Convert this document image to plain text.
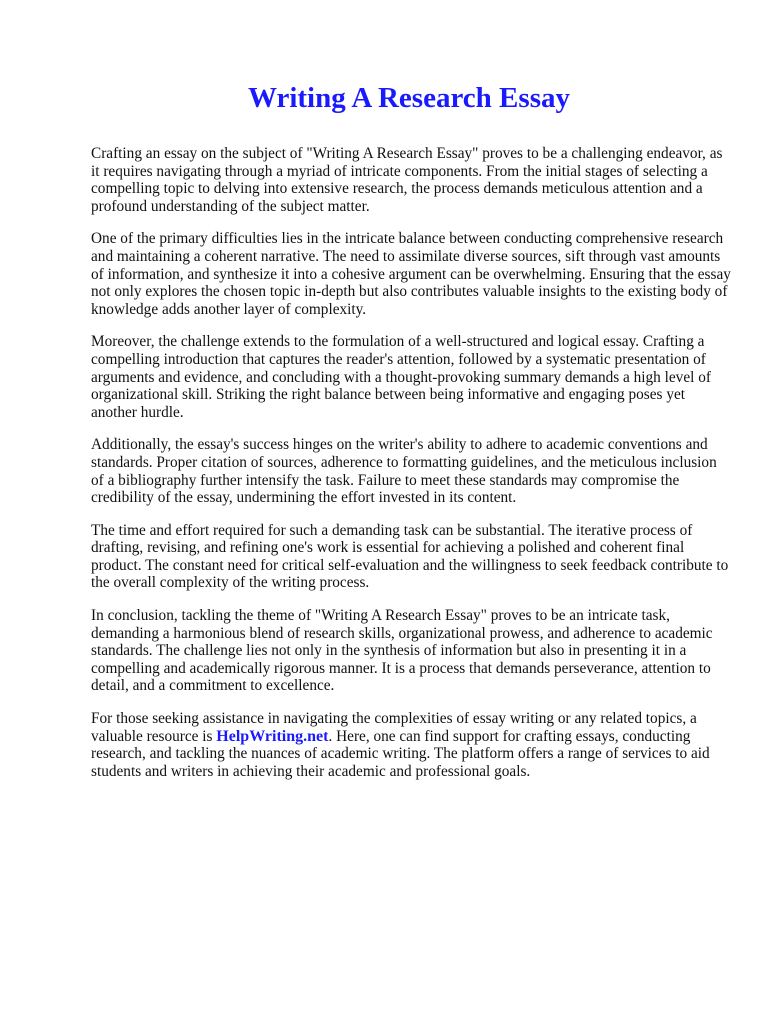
Writing A Research Essay

Crafting an essay on the subject of "Writing A Research Essay" proves to be a challenging endeavor, as it requires navigating through a myriad of intricate components. From the initial stages of selecting a compelling topic to delving into extensive research, the process demands meticulous attention and a profound understanding of the subject matter.

One of the primary difficulties lies in the intricate balance between conducting comprehensive research and maintaining a coherent narrative. The need to assimilate diverse sources, sift through vast amounts of information, and synthesize it into a cohesive argument can be overwhelming. Ensuring that the essay not only explores the chosen topic in-depth but also contributes valuable insights to the existing body of knowledge adds another layer of complexity.

Moreover, the challenge extends to the formulation of a well-structured and logical essay. Crafting a compelling introduction that captures the reader's attention, followed by a systematic presentation of arguments and evidence, and concluding with a thought-provoking summary demands a high level of organizational skill. Striking the right balance between being informative and engaging poses yet another hurdle.

Additionally, the essay's success hinges on the writer's ability to adhere to academic conventions and standards. Proper citation of sources, adherence to formatting guidelines, and the meticulous inclusion of a bibliography further intensify the task. Failure to meet these standards may compromise the credibility of the essay, undermining the effort invested in its content.

The time and effort required for such a demanding task can be substantial. The iterative process of drafting, revising, and refining one's work is essential for achieving a polished and coherent final product. The constant need for critical self-evaluation and the willingness to seek feedback contribute to the overall complexity of the writing process.

In conclusion, tackling the theme of "Writing A Research Essay" proves to be an intricate task, demanding a harmonious blend of research skills, organizational prowess, and adherence to academic standards. The challenge lies not only in the synthesis of information but also in presenting it in a compelling and academically rigorous manner. It is a process that demands perseverance, attention to detail, and a commitment to excellence.

For those seeking assistance in navigating the complexities of essay writing or any related topics, a valuable resource is HelpWriting.net. Here, one can find support for crafting essays, conducting research, and tackling the nuances of academic writing. The platform offers a range of services to aid students and writers in achieving their academic and professional goals.
